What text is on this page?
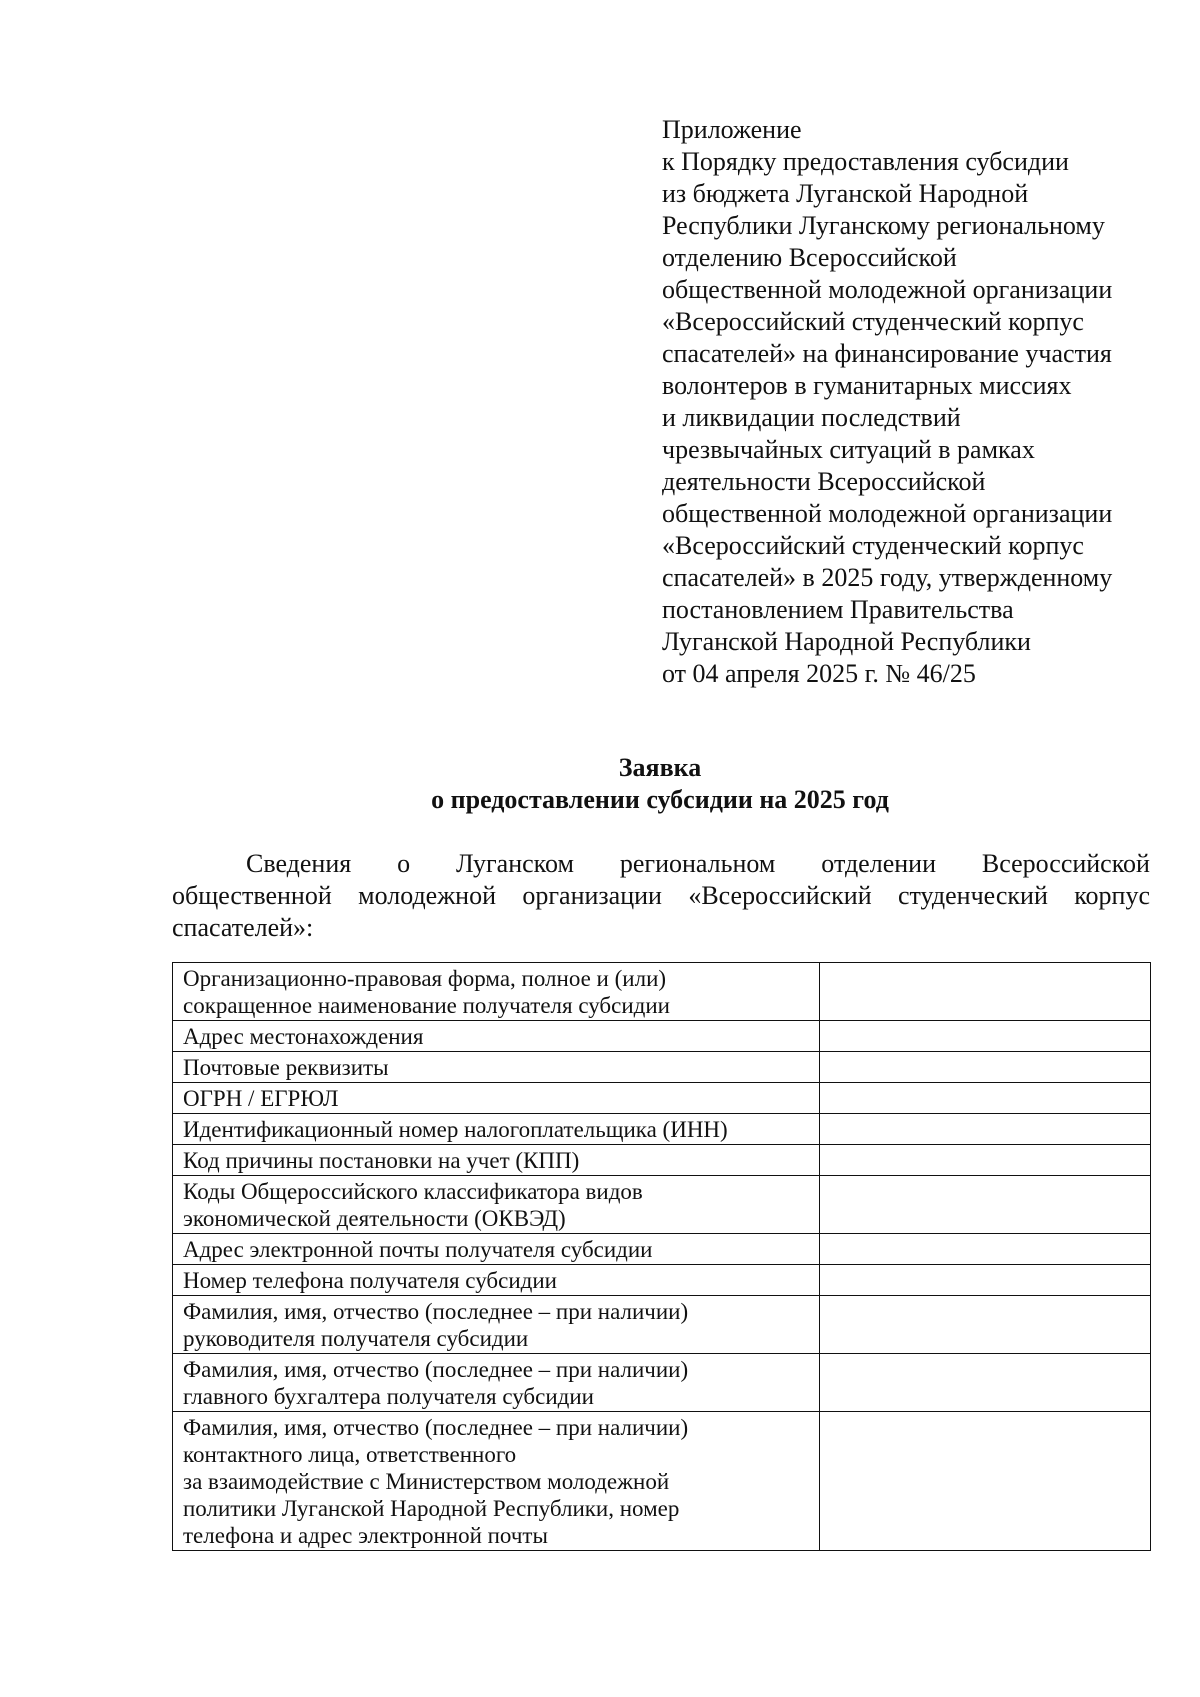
Приложение
к Порядку предоставления субсидии
из бюджета Луганской Народной
Республики Луганскому региональному
отделению Всероссийской
общественной молодежной организации
«Всероссийский студенческий корпус
спасателей» на финансирование участия
волонтеров в гуманитарных миссиях
и ликвидации последствий
чрезвычайных ситуаций в рамках
деятельности Всероссийской
общественной молодежной организации
«Всероссийский студенческий корпус
спасателей» в 2025 году, утвержденному
постановлением Правительства
Луганской Народной Республики
от 04 апреля 2025 г. № 46/25
Заявка
о предоставлении субсидии на 2025 год
Сведения о Луганском региональном отделении Всероссийской
общественной молодежной организации «Всероссийский студенческий корпус
спасателей»:
Организационно-правовая форма, полное и (или)
сокращенное наименование получателя субсидии	

Адрес местонахождения	

Почтовые реквизиты	

ОГРН / ЕГРЮЛ	

Идентификационный номер налогоплательщика (ИНН)	

Код причины постановки на учет (КПП)	

Коды Общероссийского классификатора видов
экономической деятельности (ОКВЭД)	

Адрес электронной почты получателя субсидии	

Номер телефона получателя субсидии	

Фамилия, имя, отчество (последнее – при наличии)
руководителя получателя субсидии	

Фамилия, имя, отчество (последнее – при наличии)
главного бухгалтера получателя субсидии	

Фамилия, имя, отчество (последнее – при наличии)
контактного лица, ответственного
за взаимодействие с Министерством молодежной
политики Луганской Народной Республики, номер
телефона и адрес электронной почты	
